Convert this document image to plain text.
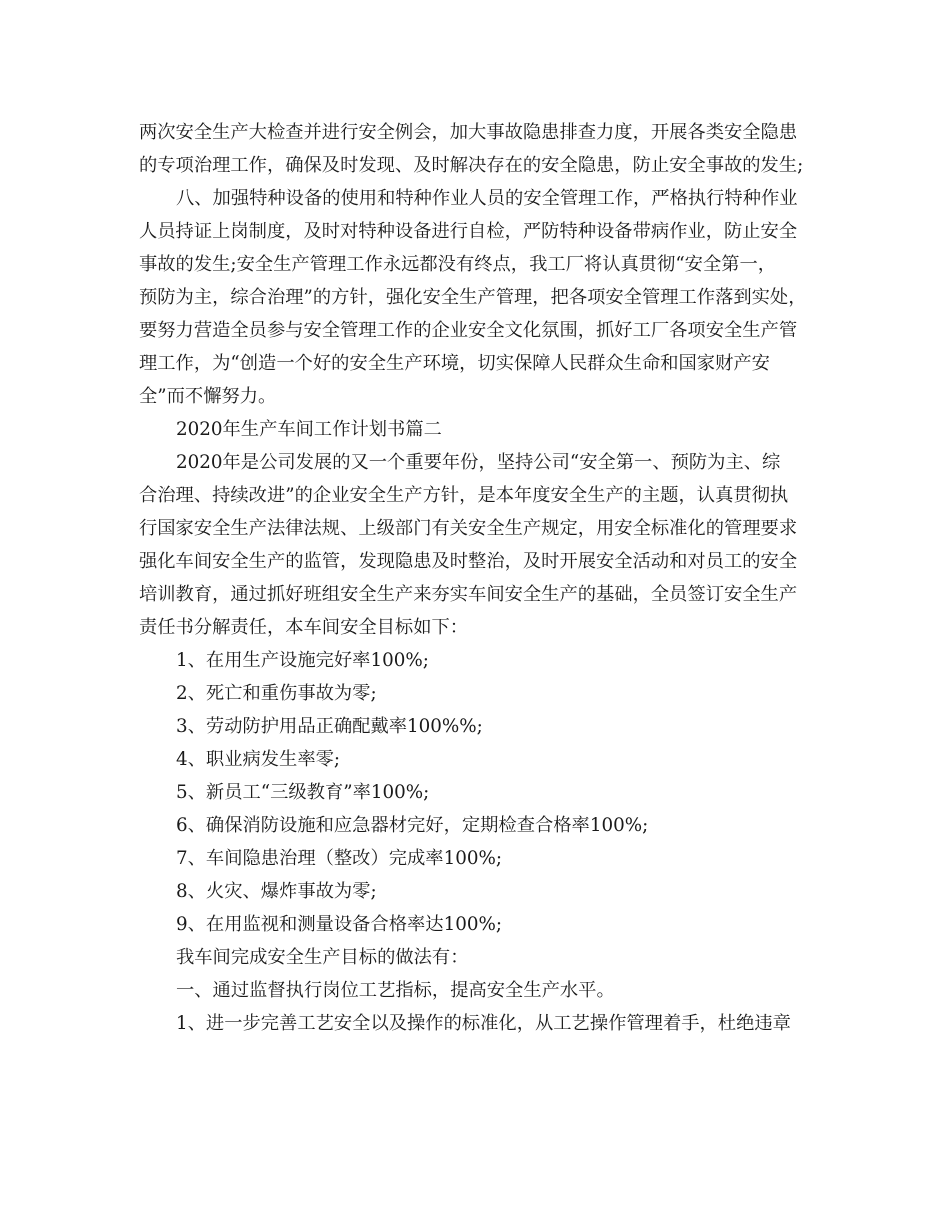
两次安全生产大检查并进行安全例会，加大事故隐患排查力度，开展各类安全隐患
的专项治理工作，确保及时发现、及时解决存在的安全隐患，防止安全事故的发生;

八、加强特种设备的使用和特种作业人员的安全管理工作，严格执行特种作业
人员持证上岗制度，及时对特种设备进行自检，严防特种设备带病作业，防止安全
事故的发生;安全生产管理工作永远都没有终点，我工厂将认真贯彻“安全第一，
预防为主，综合治理”的方针，强化安全生产管理，把各项安全管理工作落到实处，
要努力营造全员参与安全管理工作的企业安全文化氛围，抓好工厂各项安全生产管
理工作，为“创造一个好的安全生产环境，切实保障人民群众生命和国家财产安
全”而不懈努力。

2020年生产车间工作计划书篇二

2020年是公司发展的又一个重要年份，坚持公司“安全第一、预防为主、综
合治理、持续改进”的企业安全生产方针，是本年度安全生产的主题，认真贯彻执
行国家安全生产法律法规、上级部门有关安全生产规定，用安全标准化的管理要求
强化车间安全生产的监管，发现隐患及时整治，及时开展安全活动和对员工的安全
培训教育，通过抓好班组安全生产来夯实车间安全生产的基础，全员签订安全生产
责任书分解责任，本车间安全目标如下：

1、在用生产设施完好率100%;
2、死亡和重伤事故为零;
3、劳动防护用品正确配戴率100%%;
4、职业病发生率零;
5、新员工“三级教育”率100%;
6、确保消防设施和应急器材完好，定期检查合格率100%;
7、车间隐患治理（整改）完成率100%;
8、火灾、爆炸事故为零;
9、在用监视和测量设备合格率达100%;

我车间完成安全生产目标的做法有：

一、通过监督执行岗位工艺指标，提高安全生产水平。

1、进一步完善工艺安全以及操作的标准化，从工艺操作管理着手，杜绝违章
